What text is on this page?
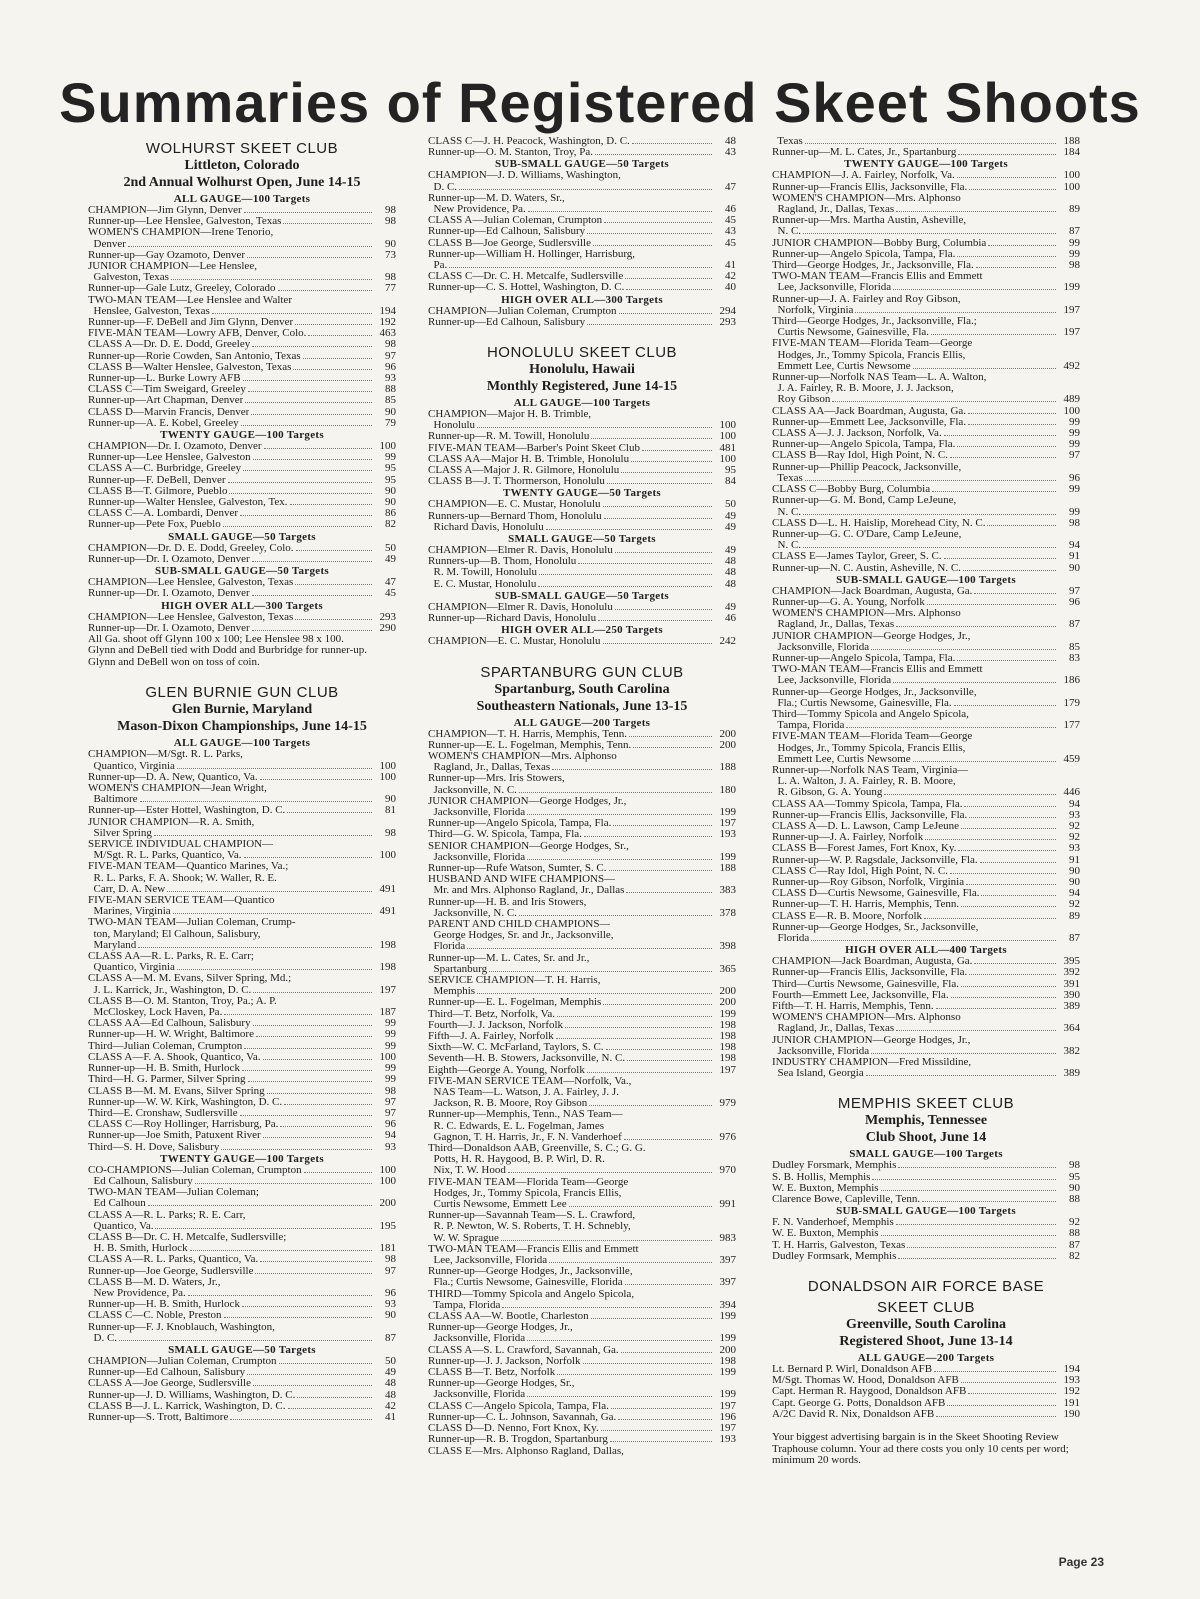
Summaries of Registered Skeet Shoots
WOLHURST SKEET CLUB
Littleton, Colorado
2nd Annual Wolhurst Open, June 14-15
ALL GAUGE—100 Targets
CHAMPION—Jim Glynn, Denver	98
Runner-up—Lee Henslee, Galveston, Texas	98
WOMEN'S CHAMPION—Irene Tenorio,
Denver	90
Runner-up—Gay Ozamoto, Denver	73
JUNIOR CHAMPION—Lee Henslee,
Galveston, Texas	98
Runner-up—Gale Lutz, Greeley, Colorado	77
TWO-MAN TEAM—Lee Henslee and Walter
Henslee, Galveston, Texas	194
Runner-up—F. DeBell and Jim Glynn, Denver	192
FIVE-MAN TEAM—Lowry AFB, Denver, Colo.	463
CLASS A—Dr. D. E. Dodd, Greeley	98
Runner-up—Rorie Cowden, San Antonio, Texas	97
CLASS B—Walter Henslee, Galveston, Texas	96
Runner-up—L. Burke Lowry AFB	93
CLASS C—Tim Sweigard, Greeley	88
Runner-up—Art Chapman, Denver	85
CLASS D—Marvin Francis, Denver	90
Runner-up—A. E. Kobel, Greeley	79
TWENTY GAUGE—100 Targets
CHAMPION—Dr. I. Ozamoto, Denver	100
Runner-up—Lee Henslee, Galveston	99
CLASS A—C. Burbridge, Greeley	95
Runner-up—F. DeBell, Denver	95
CLASS B—T. Gilmore, Pueblo	90
Runner-up—Walter Henslee, Galveston, Tex.	90
CLASS C—A. Lombardi, Denver	86
Runner-up—Pete Fox, Pueblo	82
SMALL GAUGE—50 Targets
CHAMPION—Dr. D. E. Dodd, Greeley, Colo.	50
Runner-up—Dr. I. Ozamoto, Denver	49
SUB-SMALL GAUGE—50 Targets
CHAMPION—Lee Henslee, Galveston, Texas	47
Runner-up—Dr. I. Ozamoto, Denver	45
HIGH OVER ALL—300 Targets
CHAMPION—Lee Henslee, Galveston, Texas	293
Runner-up—Dr. I. Ozamoto, Denver	290
All Ga. shoot off Glynn 100 x 100; Lee Henslee 98 x 100.
Glynn and DeBell tied with Dodd and Burbridge for runner-up. Glynn and DeBell won on toss of coin.
GLEN BURNIE GUN CLUB
Glen Burnie, Maryland
Mason-Dixon Championships, June 14-15
ALL GAUGE—100 Targets
CHAMPION—M/Sgt. R. L. Parks,
Quantico, Virginia	100
Runner-up—D. A. New, Quantico, Va.	100
WOMEN'S CHAMPION—Jean Wright,
Baltimore	90
Runner-up—Ester Hottel, Washington, D. C.	81
JUNIOR CHAMPION—R. A. Smith,
Silver Spring	98
SERVICE INDIVIDUAL CHAMPION—
M/Sgt. R. L. Parks, Quantico, Va.	100
FIVE-MAN TEAM—Quantico Marines, Va.;
R. L. Parks, F. A. Shook; W. Waller, R. E.
Carr, D. A. New	491
FIVE-MAN SERVICE TEAM—Quantico
Marines, Virginia	491
TWO-MAN TEAM—Julian Coleman, Crump-
ton, Maryland; El Calhoun, Salisbury,
Maryland	198
CLASS AA—R. L. Parks, R. E. Carr;
Quantico, Virginia	198
CLASS A—M. M. Evans, Silver Spring, Md.;
J. L. Karrick, Jr., Washington, D. C.	197
CLASS B—O. M. Stanton, Troy, Pa.; A. P.
McCloskey, Lock Haven, Pa.	187
CLASS AA—Ed Calhoun, Salisbury	99
Runner-up—H. W. Wright, Baltimore	99
Third—Julian Coleman, Crumpton	99
CLASS A—F. A. Shook, Quantico, Va.	100
Runner-up—H. B. Smith, Hurlock	99
Third—H. G. Parmer, Silver Spring	99
CLASS B—M. M. Evans, Silver Spring	98
Runner-up—W. W. Kirk, Washington, D. C.	97
Third—E. Cronshaw, Sudlersville	97
CLASS C—Roy Hollinger, Harrisburg, Pa.	96
Runner-up—Joe Smith, Patuxent River	94
Third—S. H. Dove, Salisbury	93
TWENTY GAUGE—100 Targets
CO-CHAMPIONS—Julian Coleman, Crumpton	100
Ed Calhoun, Salisbury	100
TWO-MAN TEAM—Julian Coleman;
Ed Calhoun	200
CLASS A—R. L. Parks; R. E. Carr,
Quantico, Va.	195
CLASS B—Dr. C. H. Metcalfe, Sudlersville;
H. B. Smith, Hurlock	181
CLASS A—R. L. Parks, Quantico, Va.	98
Runner-up—Joe George, Sudlersville	97
CLASS B—M. D. Waters, Jr.,
New Providence, Pa.	96
Runner-up—H. B. Smith, Hurlock	93
CLASS C—C. Noble, Preston	90
Runner-up—F. J. Knoblauch, Washington,
D. C.	87
SMALL GAUGE—50 Targets
CHAMPION—Julian Coleman, Crumpton	50
Runner-up—Ed Calhoun, Salisbury	49
CLASS A—Joe George, Sudlersville	48
Runner-up—J. D. Williams, Washington, D. C.	48
CLASS B—J. L. Karrick, Washington, D. C.	42
Runner-up—S. Trott, Baltimore	41
CLASS C—J. H. Peacock, Washington, D. C.	48
Runner-up—O. M. Stanton, Troy, Pa.	43
SUB-SMALL GAUGE—50 Targets
CHAMPION—J. D. Williams, Washington,
D. C.	47
Runner-up—M. D. Waters, Sr.,
New Providence, Pa.	46
CLASS A—Julian Coleman, Crumpton	45
Runner-up—Ed Calhoun, Salisbury	43
CLASS B—Joe George, Sudlersville	45
Runner-up—William H. Hollinger, Harrisburg,
Pa.	41
CLASS C—Dr. C. H. Metcalfe, Sudlersville	42
Runner-up—C. S. Hottel, Washington, D. C.	40
HIGH OVER ALL—300 Targets
CHAMPION—Julian Coleman, Crumpton	294
Runner-up—Ed Calhoun, Salisbury	293
HONOLULU SKEET CLUB
Honolulu, Hawaii
Monthly Registered, June 14-15
ALL GAUGE—100 Targets
CHAMPION—Major H. B. Trimble,
Honolulu	100
Runner-up—R. M. Towill, Honolulu	100
FIVE-MAN TEAM—Barber's Point Skeet Club	481
CLASS AA—Major H. B. Trimble, Honolulu	100
CLASS A—Major J. R. Gilmore, Honolulu	95
CLASS B—J. T. Thormerson, Honolulu	84
TWENTY GAUGE—50 Targets
CHAMPION—E. C. Mustar, Honolulu	50
Runners-up—Bernard Thom, Honolulu	49
Richard Davis, Honolulu	49
SMALL GAUGE—50 Targets
CHAMPION—Elmer R. Davis, Honolulu	49
Runners-up—B. Thom, Honolulu	48
R. M. Towill, Honolulu	48
E. C. Mustar, Honolulu	48
SUB-SMALL GAUGE—50 Targets
CHAMPION—Elmer R. Davis, Honolulu	49
Runner-up—Richard Davis, Honolulu	46
HIGH OVER ALL—250 Targets
CHAMPION—E. C. Mustar, Honolulu	242
SPARTANBURG GUN CLUB
Spartanburg, South Carolina
Southeastern Nationals, June 13-15
ALL GAUGE—200 Targets
CHAMPION—T. H. Harris, Memphis, Tenn.	200
Runner-up—E. L. Fogelman, Memphis, Tenn.	200
WOMEN'S CHAMPION—Mrs. Alphonso
Ragland, Jr., Dallas, Texas	188
Runner-up—Mrs. Iris Stowers,
Jacksonville, N. C.	180
JUNIOR CHAMPION—George Hodges, Jr.,
Jacksonville, Florida	199
Runner-up—Angelo Spicola, Tampa, Fla.	197
Third—G. W. Spicola, Tampa, Fla.	193
SENIOR CHAMPION—George Hodges, Sr.,
Jacksonville, Florida	199
Runner-up—Rufe Watson, Sumter, S. C.	188
HUSBAND AND WIFE CHAMPIONS—
Mr. and Mrs. Alphonso Ragland, Jr., Dallas	383
Runner-up—H. B. and Iris Stowers,
Jacksonville, N. C.	378
PARENT AND CHILD CHAMPIONS—
George Hodges, Sr. and Jr., Jacksonville,
Florida	398
Runner-up—M. L. Cates, Sr. and Jr.,
Spartanburg	365
SERVICE CHAMPION—T. H. Harris,
Memphis	200
Runner-up—E. L. Fogelman, Memphis	200
Third—T. Betz, Norfolk, Va.	199
Fourth—J. J. Jackson, Norfolk	198
Fifth—J. A. Fairley, Norfolk	198
Sixth—W. C. McFarland, Taylors, S. C.	198
Seventh—H. B. Stowers, Jacksonville, N. C.	198
Eighth—George A. Young, Norfolk	197
FIVE-MAN SERVICE TEAM—Norfolk, Va.,
NAS Team—L. Watson, J. A. Fairley, J. J.
Jackson, R. B. Moore, Roy Gibson	979
Runner-up—Memphis, Tenn., NAS Team—
R. C. Edwards, E. L. Fogelman, James
Gagnon, T. H. Harris, Jr., F. N. Vanderhoef	976
Third—Donaldson AAB, Greenville, S. C.; G. G.
Potts, H. R. Haygood, B. P. Wirl, D. R.
Nix, T. W. Hood	970
FIVE-MAN TEAM—Florida Team—George
Hodges, Jr., Tommy Spicola, Francis Ellis,
Curtis Newsome, Emmett Lee	991
Runner-up—Savannah Team—S. L. Crawford,
R. P. Newton, W. S. Roberts, T. H. Schnebly,
W. W. Sprague	983
TWO-MAN TEAM—Francis Ellis and Emmett
Lee, Jacksonville, Florida	397
Runner-up—George Hodges, Jr., Jacksonville,
Fla.; Curtis Newsome, Gainesville, Florida	397
THIRD—Tommy Spicola and Angelo Spicola,
Tampa, Florida	394
CLASS AA—W. Bootle, Charleston	199
Runner-up—George Hodges, Jr.,
Jacksonville, Florida	199
CLASS A—S. L. Crawford, Savannah, Ga.	200
Runner-up—J. J. Jackson, Norfolk	198
CLASS B—T. Betz, Norfolk	199
Runner-up—George Hodges, Sr.,
Jacksonville, Florida	199
CLASS C—Angelo Spicola, Tampa, Fla.	197
Runner-up—C. L. Johnson, Savannah, Ga.	196
CLASS D—D. Nenno, Fort Knox, Ky.	197
Runner-up—R. B. Trogdon, Spartanburg	193
CLASS E—Mrs. Alphonso Ragland, Dallas,
Texas	188
Runner-up—M. L. Cates, Jr., Spartanburg	184
TWENTY GAUGE—100 Targets
CHAMPION—J. A. Fairley, Norfolk, Va.	100
Runner-up—Francis Ellis, Jacksonville, Fla.	100
WOMEN'S CHAMPION—Mrs. Alphonso
Ragland, Jr., Dallas, Texas	89
Runner-up—Mrs. Martha Austin, Asheville,
N. C.	87
JUNIOR CHAMPION—Bobby Burg, Columbia	99
Runner-up—Angelo Spicola, Tampa, Fla.	99
Third—George Hodges, Jr., Jacksonville, Fla.	98
TWO-MAN TEAM—Francis Ellis and Emmett
Lee, Jacksonville, Florida	199
Runner-up—J. A. Fairley and Roy Gibson,
Norfolk, Virginia	197
Third—George Hodges, Jr., Jacksonville, Fla.;
Curtis Newsome, Gainesville, Fla.	197
FIVE-MAN TEAM—Florida Team—George
Hodges, Jr., Tommy Spicola, Francis Ellis,
Emmett Lee, Curtis Newsome	492
Runner-up—Norfolk NAS Team—L. A. Walton,
J. A. Fairley, R. B. Moore, J. J. Jackson,
Roy Gibson	489
CLASS AA—Jack Boardman, Augusta, Ga.	100
Runner-up—Emmett Lee, Jacksonville, Fla.	99
CLASS A—J. J. Jackson, Norfolk, Va.	99
Runner-up—Angelo Spicola, Tampa, Fla.	99
CLASS B—Ray Idol, High Point, N. C.	97
Runner-up—Phillip Peacock, Jacksonville,
Texas	96
CLASS C—Bobby Burg, Columbia	99
Runner-up—G. M. Bond, Camp LeJeune,
N. C.	99
CLASS D—L. H. Haislip, Morehead City, N. C.	98
Runner-up—G. C. O'Dare, Camp LeJeune,
N. C.	94
CLASS E—James Taylor, Greer, S. C.	91
Runner-up—N. C. Austin, Asheville, N. C.	90
SUB-SMALL GAUGE—100 Targets
CHAMPION—Jack Boardman, Augusta, Ga.	97
Runner-up—G. A. Young, Norfolk	96
WOMEN'S CHAMPION—Mrs. Alphonso
Ragland, Jr., Dallas, Texas	87
JUNIOR CHAMPION—George Hodges, Jr.,
Jacksonville, Florida	85
Runner-up—Angelo Spicola, Tampa, Fla.	83
TWO-MAN TEAM—Francis Ellis and Emmett
Lee, Jacksonville, Florida	186
Runner-up—George Hodges, Jr., Jacksonville,
Fla.; Curtis Newsome, Gainesville, Fla.	179
Third—Tommy Spicola and Angelo Spicola,
Tampa, Florida	177
FIVE-MAN TEAM—Florida Team—George
Hodges, Jr., Tommy Spicola, Francis Ellis,
Emmett Lee, Curtis Newsome	459
Runner-up—Norfolk NAS Team, Virginia—
L. A. Walton, J. A. Fairley, R. B. Moore,
R. Gibson, G. A. Young	446
CLASS AA—Tommy Spicola, Tampa, Fla.	94
Runner-up—Francis Ellis, Jacksonville, Fla.	93
CLASS A—D. L. Lawson, Camp LeJeune	92
Runner-up—J. A. Fairley, Norfolk	92
CLASS B—Forest James, Fort Knox, Ky.	93
Runner-up—W. P. Ragsdale, Jacksonville, Fla.	91
CLASS C—Ray Idol, High Point, N. C.	90
Runner-up—Roy Gibson, Norfolk, Virginia	90
CLASS D—Curtis Newsome, Gainesville, Fla.	94
Runner-up—T. H. Harris, Memphis, Tenn.	92
CLASS E—R. B. Moore, Norfolk	89
Runner-up—George Hodges, Sr., Jacksonville,
Florida	87
HIGH OVER ALL—400 Targets
CHAMPION—Jack Boardman, Augusta, Ga.	395
Runner-up—Francis Ellis, Jacksonville, Fla.	392
Third—Curtis Newsome, Gainesville, Fla.	391
Fourth—Emmett Lee, Jacksonville, Fla.	390
Fifth—T. H. Harris, Memphis, Tenn.	389
WOMEN'S CHAMPION—Mrs. Alphonso
Ragland, Jr., Dallas, Texas	364
JUNIOR CHAMPION—George Hodges, Jr.,
Jacksonville, Florida	382
INDUSTRY CHAMPION—Fred Missildine,
Sea Island, Georgia	389
MEMPHIS SKEET CLUB
Memphis, Tennessee
Club Shoot, June 14
SMALL GAUGE—100 Targets
Dudley Forsmark, Memphis	98
S. B. Hollis, Memphis	95
W. E. Buxton, Memphis	90
Clarence Bowe, Capleville, Tenn.	88
SUB-SMALL GAUGE—100 Targets
F. N. Vanderhoef, Memphis	92
W. E. Buxton, Memphis	88
T. H. Harris, Galveston, Texas	87
Dudley Formsark, Memphis	82
DONALDSON AIR FORCE BASE
SKEET CLUB
Greenville, South Carolina
Registered Shoot, June 13-14
ALL GAUGE—200 Targets
Lt. Bernard P. Wirl, Donaldson AFB	194
M/Sgt. Thomas W. Hood, Donaldson AFB	193
Capt. Herman R. Haygood, Donaldson AFB	192
Capt. George G. Potts, Donaldson AFB	191
A/2C David R. Nix, Donaldson AFB	190
Your biggest advertising bargain is in the Skeet Shooting Review Traphouse column. Your ad there costs you only 10 cents per word; minimum 20 words.
Page 23
